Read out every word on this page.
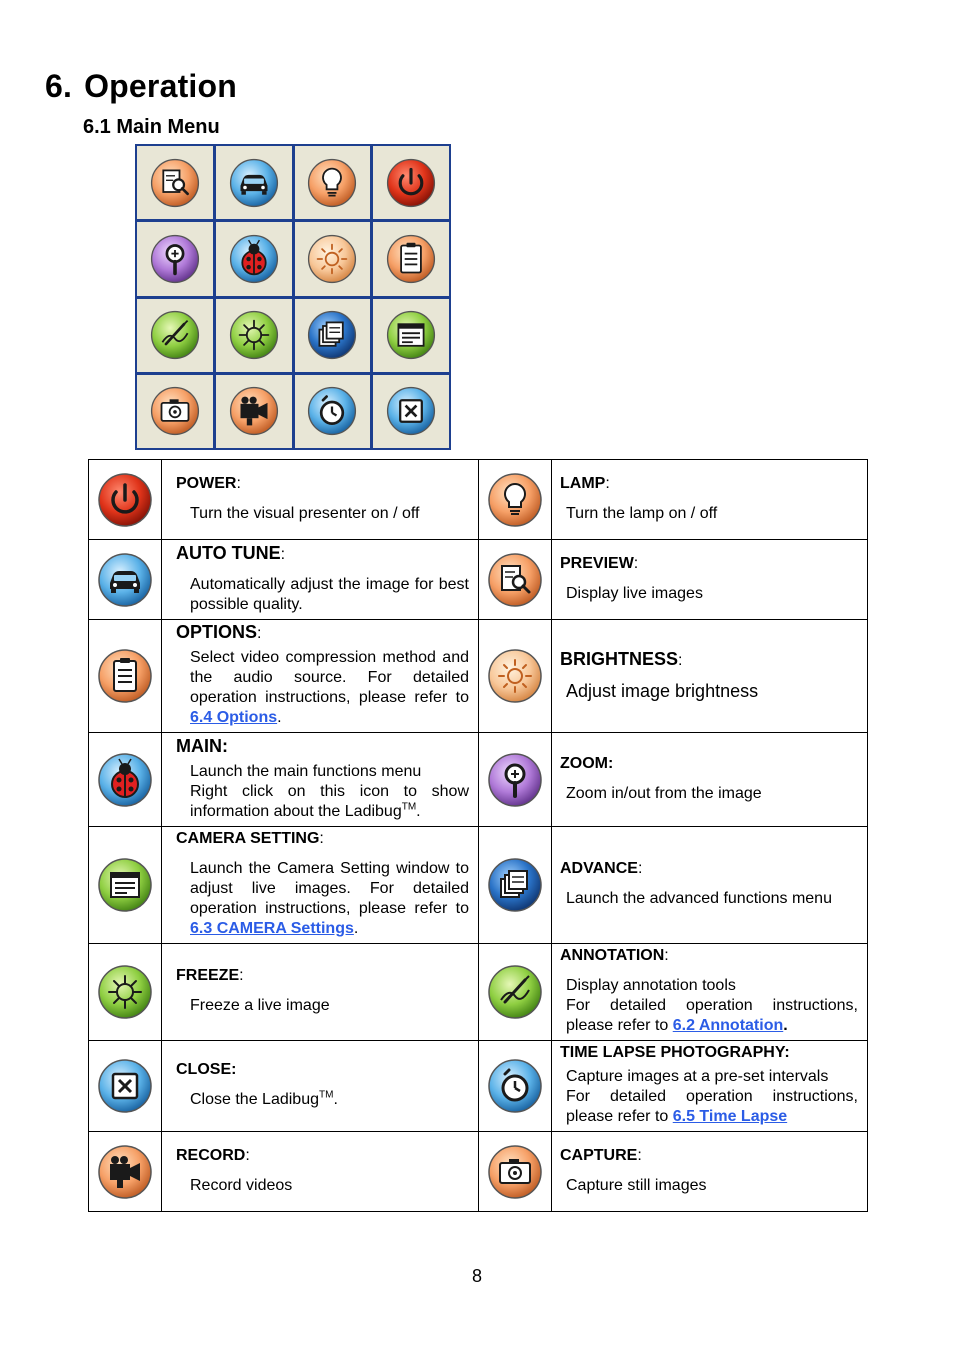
6. Operation
6.1 Main Menu
	POWER:
Turn the visual presenter on / off		LAMP:
Turn the lamp on / off

	AUTO TUNE:
Automatically adjust the image for best possible quality.		PREVIEW:
Display live images

	OPTIONS:
Select video compression method and the audio source. For detailed operation instructions, please refer to 6.4 Options.		BRIGHTNESS:
Adjust image brightness

	MAIN:
Launch the main functions menu
Right click on this icon to show information about the Ladibug™.		ZOOM:
Zoom in/out from the image

	CAMERA SETTING:
Launch the Camera Setting window to adjust live images. For detailed operation instructions, please refer to 6.3 CAMERA Settings.		ADVANCE:
Launch the advanced functions menu

	FREEZE:
Freeze a live image		ANNOTATION:
Display annotation tools
For detailed operation instructions, please refer to 6.2 Annotation.

	CLOSE:
Close the Ladibug™.		TIME LAPSE PHOTOGRAPHY:
Capture images at a pre-set intervals
For detailed operation instructions, please refer to 6.5 Time Lapse

	RECORD:
Record videos		CAPTURE:
Capture still images
8
